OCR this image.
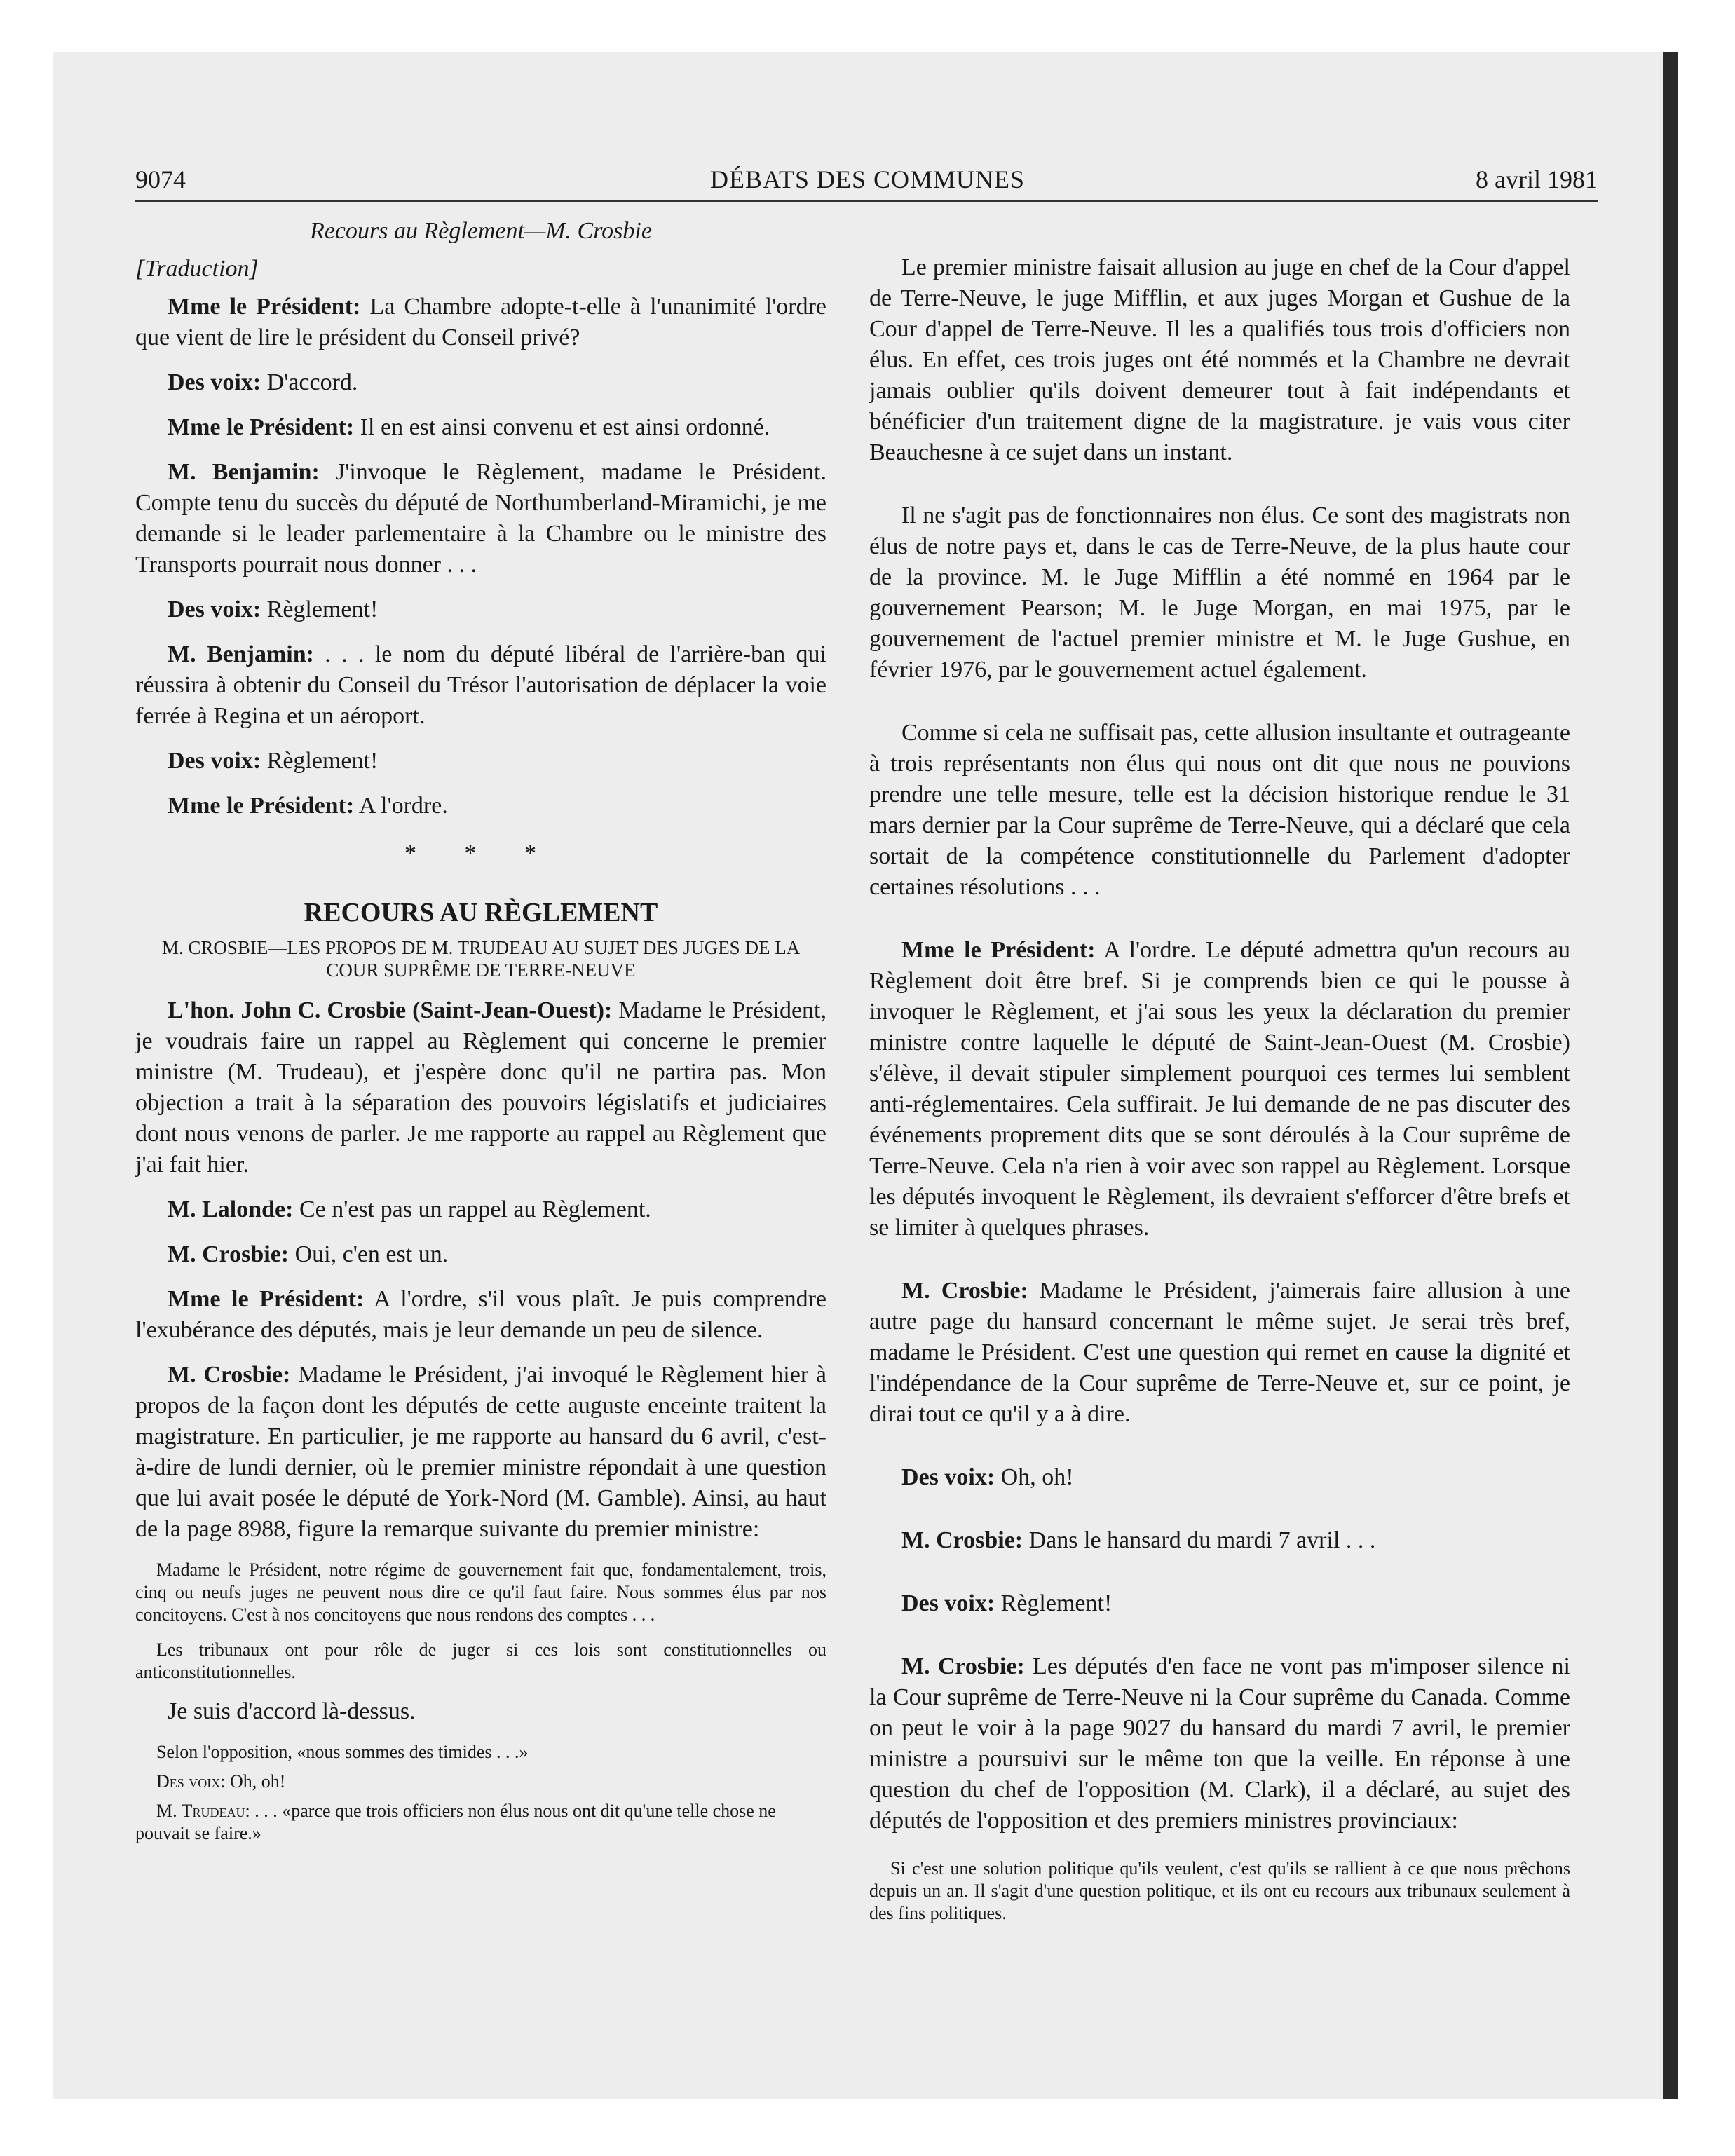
9074	DÉBATS DES COMMUNES	8 avril 1981

Recours au Règlement—M. Crosbie

[Traduction]

Mme le Président: La Chambre adopte-t-elle à l'unanimité l'ordre que vient de lire le président du Conseil privé?

Des voix: D'accord.

Mme le Président: Il en est ainsi convenu et est ainsi ordonné.

M. Benjamin: J'invoque le Règlement, madame le Président. Compte tenu du succès du député de Northumberland-Miramichi, je me demande si le leader parlementaire à la Chambre ou le ministre des Transports pourrait nous donner . . .

Des voix: Règlement!

M. Benjamin: . . . le nom du député libéral de l'arrière-ban qui réussira à obtenir du Conseil du Trésor l'autorisation de déplacer la voie ferrée à Regina et un aéroport.

Des voix: Règlement!

Mme le Président: A l'ordre.

* * *
RECOURS AU RÈGLEMENT
M. CROSBIE—LES PROPOS DE M. TRUDEAU AU SUJET DES JUGES DE LA COUR SUPRÊME DE TERRE-NEUVE

L'hon. John C. Crosbie (Saint-Jean-Ouest): Madame le Président, je voudrais faire un rappel au Règlement qui concerne le premier ministre (M. Trudeau), et j'espère donc qu'il ne partira pas. Mon objection a trait à la séparation des pouvoirs législatifs et judiciaires dont nous venons de parler. Je me rapporte au rappel au Règlement que j'ai fait hier.

M. Lalonde: Ce n'est pas un rappel au Règlement.

M. Crosbie: Oui, c'en est un.

Mme le Président: A l'ordre, s'il vous plaît. Je puis comprendre l'exubérance des députés, mais je leur demande un peu de silence.

M. Crosbie: Madame le Président, j'ai invoqué le Règlement hier à propos de la façon dont les députés de cette auguste enceinte traitent la magistrature. En particulier, je me rapporte au hansard du 6 avril, c'est-à-dire de lundi dernier, où le premier ministre répondait à une question que lui avait posée le député de York-Nord (M. Gamble). Ainsi, au haut de la page 8988, figure la remarque suivante du premier ministre:

Madame le Président, notre régime de gouvernement fait que, fondamentalement, trois, cinq ou neufs juges ne peuvent nous dire ce qu'il faut faire. Nous sommes élus par nos concitoyens. C'est à nos concitoyens que nous rendons des comptes . . .

Les tribunaux ont pour rôle de juger si ces lois sont constitutionnelles ou anticonstitutionnelles.

Je suis d'accord là-dessus.

Selon l'opposition, «nous sommes des timides . . .»

Des voix: Oh, oh!

M. Trudeau: . . . «parce que trois officiers non élus nous ont dit qu'une telle chose ne pouvait se faire.»

Le premier ministre faisait allusion au juge en chef de la Cour d'appel de Terre-Neuve, le juge Mifflin, et aux juges Morgan et Gushue de la Cour d'appel de Terre-Neuve. Il les a qualifiés tous trois d'officiers non élus. En effet, ces trois juges ont été nommés et la Chambre ne devrait jamais oublier qu'ils doivent demeurer tout à fait indépendants et bénéficier d'un traitement digne de la magistrature. je vais vous citer Beauchesne à ce sujet dans un instant.

Il ne s'agit pas de fonctionnaires non élus. Ce sont des magistrats non élus de notre pays et, dans le cas de Terre-Neuve, de la plus haute cour de la province. M. le Juge Mifflin a été nommé en 1964 par le gouvernement Pearson; M. le Juge Morgan, en mai 1975, par le gouvernement de l'actuel premier ministre et M. le Juge Gushue, en février 1976, par le gouvernement actuel également.

Comme si cela ne suffisait pas, cette allusion insultante et outrageante à trois représentants non élus qui nous ont dit que nous ne pouvions prendre une telle mesure, telle est la décision historique rendue le 31 mars dernier par la Cour suprême de Terre-Neuve, qui a déclaré que cela sortait de la compétence constitutionnelle du Parlement d'adopter certaines résolutions . . .

Mme le Président: A l'ordre. Le député admettra qu'un recours au Règlement doit être bref. Si je comprends bien ce qui le pousse à invoquer le Règlement, et j'ai sous les yeux la déclaration du premier ministre contre laquelle le député de Saint-Jean-Ouest (M. Crosbie) s'élève, il devait stipuler simplement pourquoi ces termes lui semblent anti-réglementaires. Cela suffirait. Je lui demande de ne pas discuter des événements proprement dits que se sont déroulés à la Cour suprême de Terre-Neuve. Cela n'a rien à voir avec son rappel au Règlement. Lorsque les députés invoquent le Règlement, ils devraient s'efforcer d'être brefs et se limiter à quelques phrases.

M. Crosbie: Madame le Président, j'aimerais faire allusion à une autre page du hansard concernant le même sujet. Je serai très bref, madame le Président. C'est une question qui remet en cause la dignité et l'indépendance de la Cour suprême de Terre-Neuve et, sur ce point, je dirai tout ce qu'il y a à dire.

Des voix: Oh, oh!

M. Crosbie: Dans le hansard du mardi 7 avril . . .

Des voix: Règlement!

M. Crosbie: Les députés d'en face ne vont pas m'imposer silence ni la Cour suprême de Terre-Neuve ni la Cour suprême du Canada. Comme on peut le voir à la page 9027 du hansard du mardi 7 avril, le premier ministre a poursuivi sur le même ton que la veille. En réponse à une question du chef de l'opposition (M. Clark), il a déclaré, au sujet des députés de l'opposition et des premiers ministres provinciaux:

Si c'est une solution politique qu'ils veulent, c'est qu'ils se rallient à ce que nous prêchons depuis un an. Il s'agit d'une question politique, et ils ont eu recours aux tribunaux seulement à des fins politiques.
